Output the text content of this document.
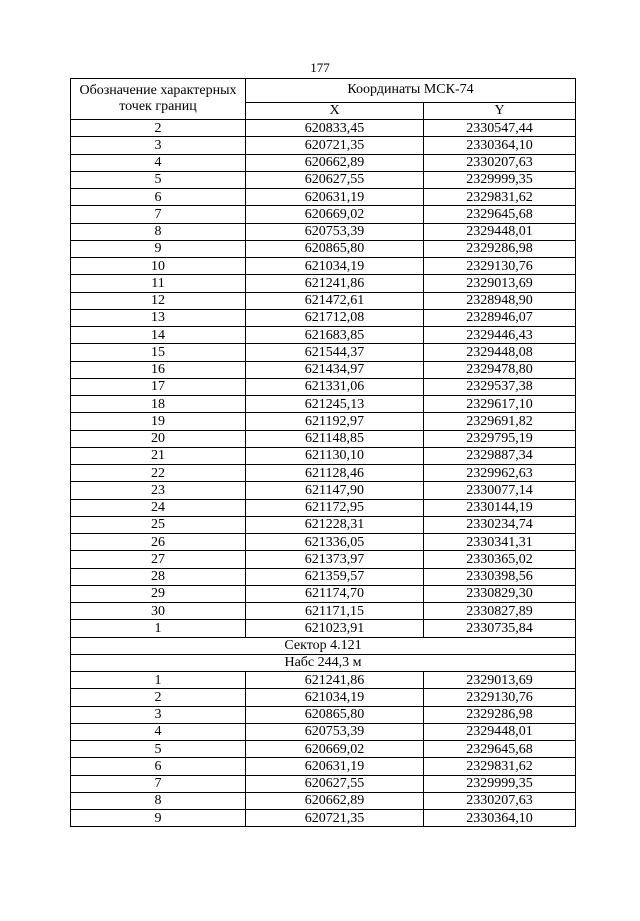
177
Обозначение характерных точек границ	Координаты МСК-74	
	X	Y
2	620833,45	2330547,44
3	620721,35	2330364,10
4	620662,89	2330207,63
5	620627,55	2329999,35
6	620631,19	2329831,62
7	620669,02	2329645,68
8	620753,39	2329448,01
9	620865,80	2329286,98
10	621034,19	2329130,76
11	621241,86	2329013,69
12	621472,61	2328948,90
13	621712,08	2328946,07
14	621683,85	2329446,43
15	621544,37	2329448,08
16	621434,97	2329478,80
17	621331,06	2329537,38
18	621245,13	2329617,10
19	621192,97	2329691,82
20	621148,85	2329795,19
21	621130,10	2329887,34
22	621128,46	2329962,63
23	621147,90	2330077,14
24	621172,95	2330144,19
25	621228,31	2330234,74
26	621336,05	2330341,31
27	621373,97	2330365,02
28	621359,57	2330398,56
29	621174,70	2330829,30
30	621171,15	2330827,89
1	621023,91	2330735,84
Сектор 4.121		
Набс 244,3 м		
1	621241,86	2329013,69
2	621034,19	2329130,76
3	620865,80	2329286,98
4	620753,39	2329448,01
5	620669,02	2329645,68
6	620631,19	2329831,62
7	620627,55	2329999,35
8	620662,89	2330207,63
9	620721,35	2330364,10
